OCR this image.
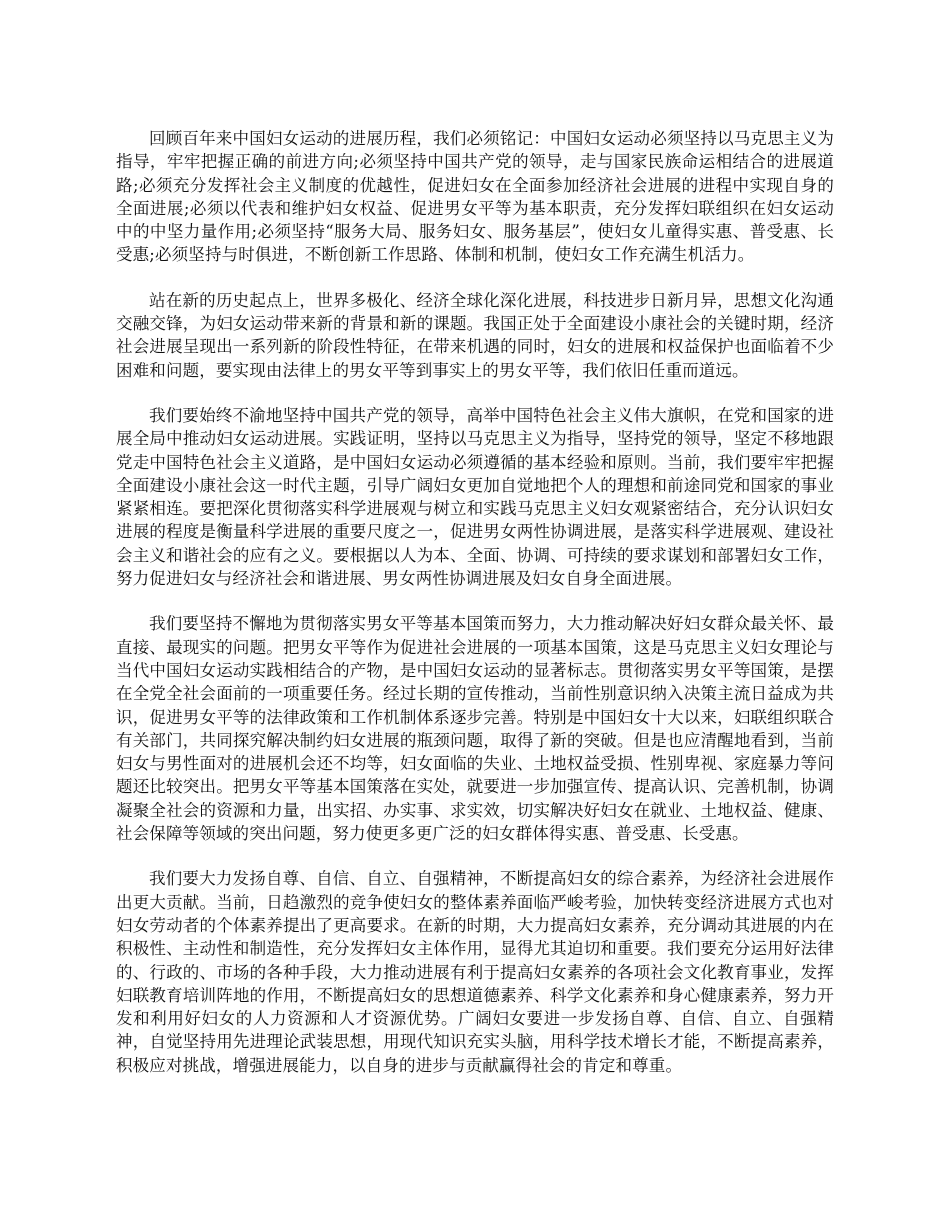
回顾百年来中国妇女运动的进展历程，我们必须铭记：中国妇女运动必须坚持以马克思主义为指导，牢牢把握正确的前进方向;必须坚持中国共产党的领导，走与国家民族命运相结合的进展道路;必须充分发挥社会主义制度的优越性，促进妇女在全面参加经济社会进展的进程中实现自身的全面进展;必须以代表和维护妇女权益、促进男女平等为基本职责，充分发挥妇联组织在妇女运动中的中坚力量作用;必须坚持“服务大局、服务妇女、服务基层”，使妇女儿童得实惠、普受惠、长受惠;必须坚持与时俱进，不断创新工作思路、体制和机制，使妇女工作充满生机活力。

站在新的历史起点上，世界多极化、经济全球化深化进展，科技进步日新月异，思想文化沟通交融交锋，为妇女运动带来新的背景和新的课题。我国正处于全面建设小康社会的关键时期，经济社会进展呈现出一系列新的阶段性特征，在带来机遇的同时，妇女的进展和权益保护也面临着不少困难和问题，要实现由法律上的男女平等到事实上的男女平等，我们依旧任重而道远。

我们要始终不渝地坚持中国共产党的领导，高举中国特色社会主义伟大旗帜，在党和国家的进展全局中推动妇女运动进展。实践证明，坚持以马克思主义为指导，坚持党的领导，坚定不移地跟党走中国特色社会主义道路，是中国妇女运动必须遵循的基本经验和原则。当前，我们要牢牢把握全面建设小康社会这一时代主题，引导广阔妇女更加自觉地把个人的理想和前途同党和国家的事业紧紧相连。要把深化贯彻落实科学进展观与树立和实践马克思主义妇女观紧密结合，充分认识妇女进展的程度是衡量科学进展的重要尺度之一，促进男女两性协调进展，是落实科学进展观、建设社会主义和谐社会的应有之义。要根据以人为本、全面、协调、可持续的要求谋划和部署妇女工作，努力促进妇女与经济社会和谐进展、男女两性协调进展及妇女自身全面进展。

我们要坚持不懈地为贯彻落实男女平等基本国策而努力，大力推动解决好妇女群众最关怀、最直接、最现实的问题。把男女平等作为促进社会进展的一项基本国策，这是马克思主义妇女理论与当代中国妇女运动实践相结合的产物，是中国妇女运动的显著标志。贯彻落实男女平等国策，是摆在全党全社会面前的一项重要任务。经过长期的宣传推动，当前性别意识纳入决策主流日益成为共识，促进男女平等的法律政策和工作机制体系逐步完善。特别是中国妇女十大以来，妇联组织联合有关部门，共同探究解决制约妇女进展的瓶颈问题，取得了新的突破。但是也应清醒地看到，当前妇女与男性面对的进展机会还不均等，妇女面临的失业、土地权益受损、性别卑视、家庭暴力等问题还比较突出。把男女平等基本国策落在实处，就要进一步加强宣传、提高认识、完善机制，协调凝聚全社会的资源和力量，出实招、办实事、求实效，切实解决好妇女在就业、土地权益、健康、社会保障等领域的突出问题，努力使更多更广泛的妇女群体得实惠、普受惠、长受惠。

我们要大力发扬自尊、自信、自立、自强精神，不断提高妇女的综合素养，为经济社会进展作出更大贡献。当前，日趋激烈的竞争使妇女的整体素养面临严峻考验，加快转变经济进展方式也对妇女劳动者的个体素养提出了更高要求。在新的时期，大力提高妇女素养，充分调动其进展的内在积极性、主动性和制造性，充分发挥妇女主体作用，显得尤其迫切和重要。我们要充分运用好法律的、行政的、市场的各种手段，大力推动进展有利于提高妇女素养的各项社会文化教育事业，发挥妇联教育培训阵地的作用，不断提高妇女的思想道德素养、科学文化素养和身心健康素养，努力开发和利用好妇女的人力资源和人才资源优势。广阔妇女要进一步发扬自尊、自信、自立、自强精神，自觉坚持用先进理论武装思想，用现代知识充实头脑，用科学技术增长才能，不断提高素养，积极应对挑战，增强进展能力，以自身的进步与贡献赢得社会的肯定和尊重。
